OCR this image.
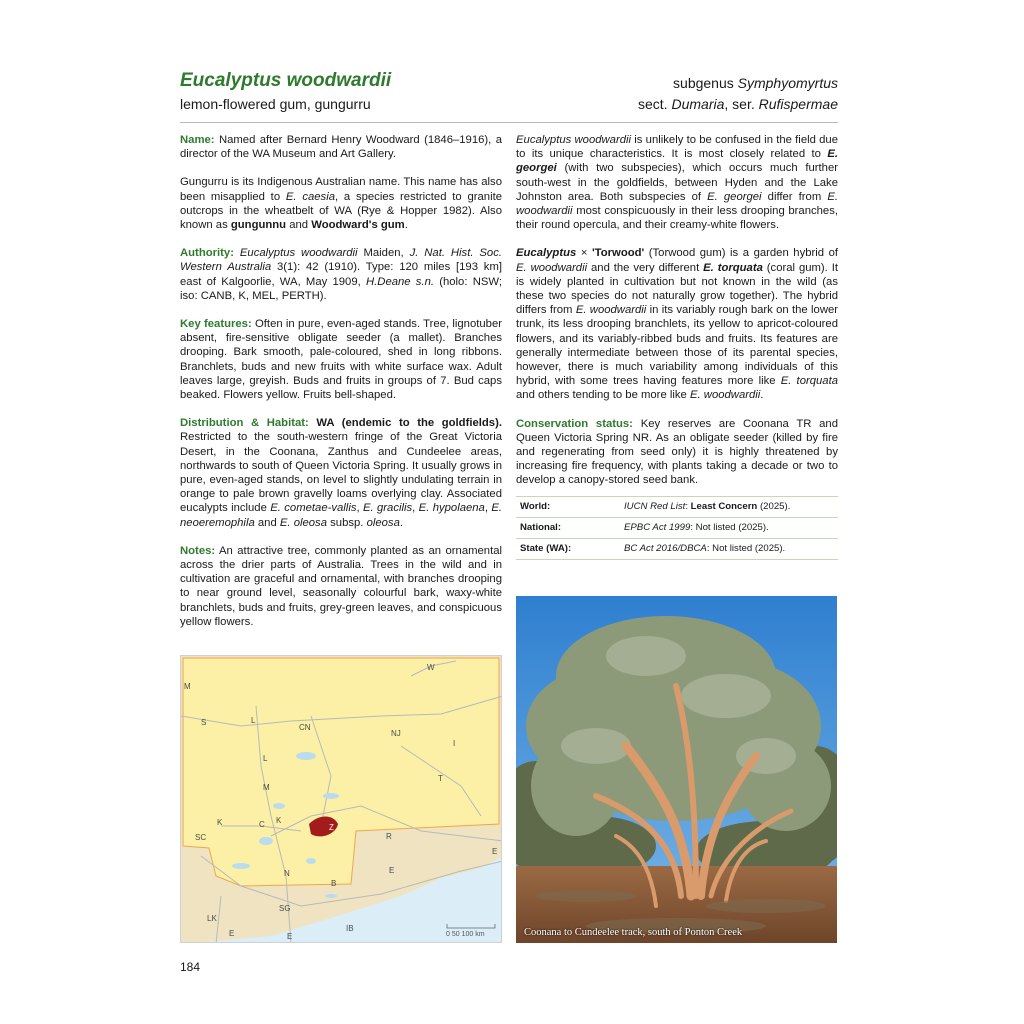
Eucalyptus woodwardii
lemon-flowered gum, gungurru
subgenus Symphyomyrtus
sect. Dumaria, ser. Rufispermae

Name: Named after Bernard Henry Woodward (1846–1916), a director of the WA Museum and Art Gallery.

Gungurru is its Indigenous Australian name. This name has also been misapplied to E. caesia, a species restricted to granite outcrops in the wheatbelt of WA (Rye & Hopper 1982). Also known as gungunnu and Woodward's gum.

Authority: Eucalyptus woodwardii Maiden, J. Nat. Hist. Soc. Western Australia 3(1): 42 (1910). Type: 120 miles [193 km] east of Kalgoorlie, WA, May 1909, H.Deane s.n. (holo: NSW; iso: CANB, K, MEL, PERTH).

Key features: Often in pure, even-aged stands. Tree, lignotuber absent, fire-sensitive obligate seeder (a mallet). Branches drooping. Bark smooth, pale-coloured, shed in long ribbons. Branchlets, buds and new fruits with white surface wax. Adult leaves large, greyish. Buds and fruits in groups of 7. Bud caps beaked. Flowers yellow. Fruits bell-shaped.

Distribution & Habitat: WA (endemic to the goldfields). Restricted to the south-western fringe of the Great Victoria Desert, in the Coonana, Zanthus and Cundeelee areas, northwards to south of Queen Victoria Spring. It usually grows in pure, even-aged stands, on level to slightly undulating terrain in orange to pale brown gravelly loams overlying clay. Associated eucalypts include E. cometae-vallis, E. gracilis, E. hypolaena, E. neoeremophila and E. oleosa subsp. oleosa.

Notes: An attractive tree, commonly planted as an ornamental across the drier parts of Australia. Trees in the wild and in cultivation are graceful and ornamental, with branches drooping to near ground level, seasonally colourful bark, waxy-white branchlets, buds and fruits, grey-green leaves, and conspicuous yellow flowers.

Eucalyptus woodwardii is unlikely to be confused in the field due to its unique characteristics. It is most closely related to E. georgei (with two subspecies), which occurs much further south-west in the goldfields, between Hyden and the Lake Johnston area. Both subspecies of E. georgei differ from E. woodwardii most conspicuously in their less drooping branches, their round opercula, and their creamy-white flowers.

Eucalyptus × 'Torwood' (Torwood gum) is a garden hybrid of E. woodwardii and the very different E. torquata (coral gum). It is widely planted in cultivation but not known in the wild (as these two species do not naturally grow together). The hybrid differs from E. woodwardii in its variably rough bark on the lower trunk, its less drooping branchlets, its yellow to apricot-coloured flowers, and its variably-ribbed buds and fruits. Its features are generally intermediate between those of its parental species, however, there is much variability among individuals of this hybrid, with some trees having features more like E. torquata and others tending to be more like E. woodwardii.

Conservation status: Key reserves are Coonana TR and Queen Victoria Spring NR. As an obligate seeder (killed by fire and regenerating from seed only) it is highly threatened by increasing fire frequency, with plants taking a decade or two to develop a canopy-stored seed bank.

World:	IUCN Red List: Least Concern (2025).
National:	EPBC Act 1999: Not listed (2025).
State (WA):	BC Act 2016/DBCA: Not listed (2025).
W
M
S	L
CN
NJ
I
L
T
M
K
SC
C K
Z
R
E
N
B
SG
LK
E
IB
E
E	0 50 100 km	Coonana to Cundeelee track, south of Ponton Creek
184
